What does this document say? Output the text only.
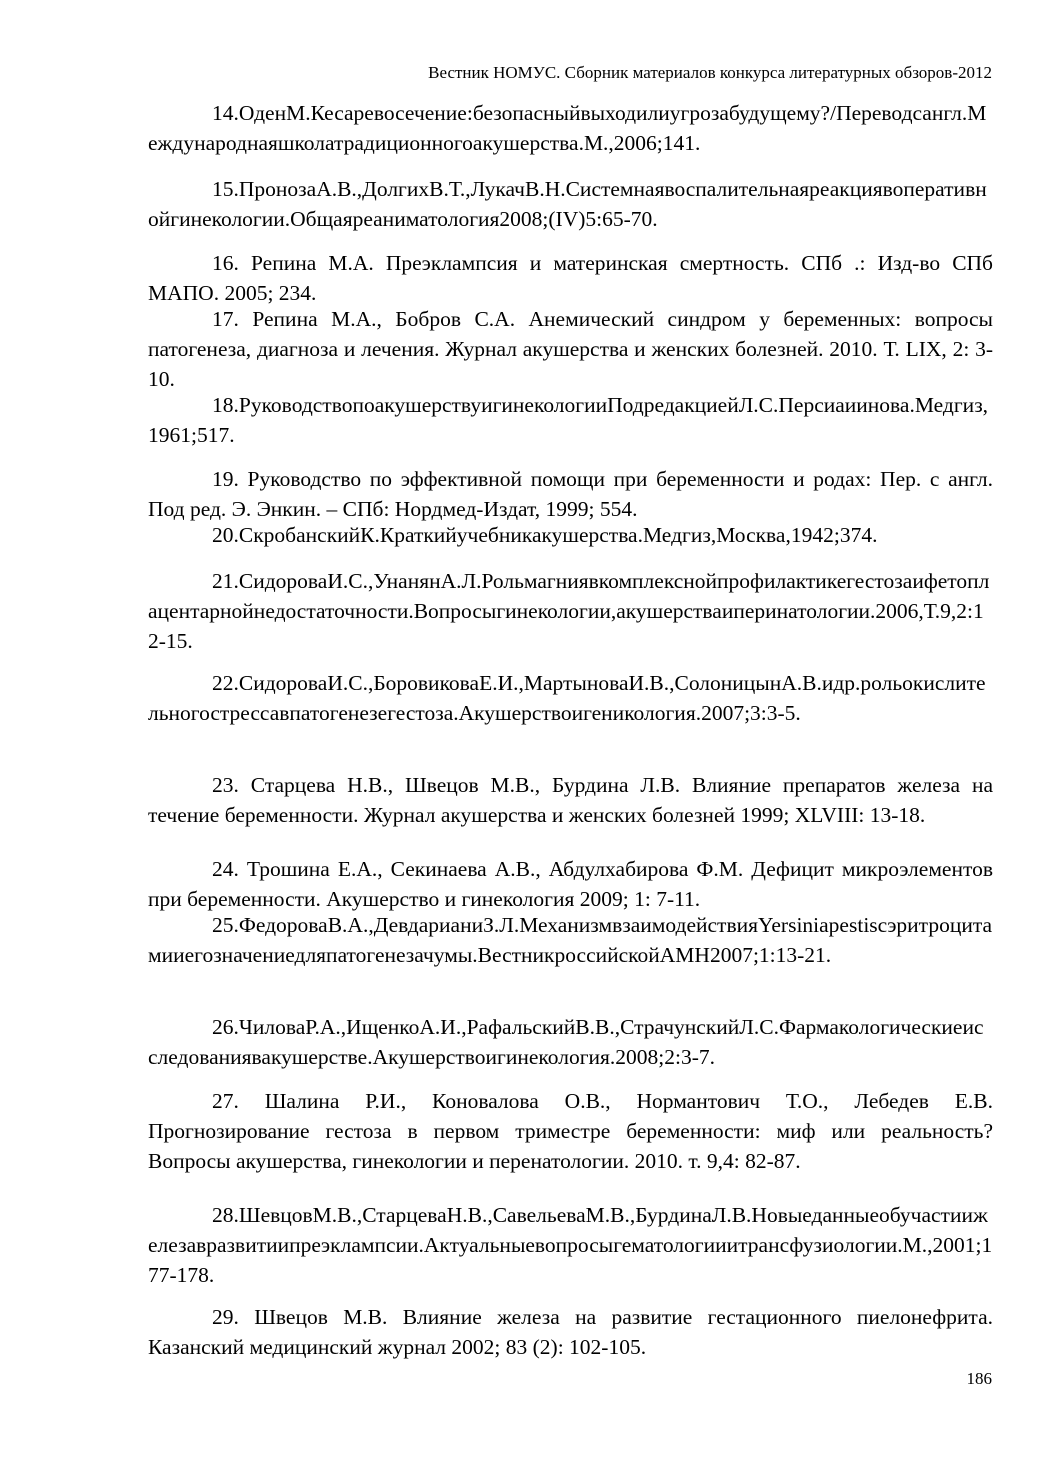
Вестник НОМУС. Сборник материалов конкурса литературных обзоров-2012

14.ОденМ.Кесаревосечение:безопасныйвыходилиугрозабудущему?/Переводсангл.Международнаяшколатрадиционногоакушерства.М.,2006;141.

15.ПронозаА.В.,ДолгихВ.Т.,ЛукачВ.Н.Системнаявоспалительнаяреакциявоперативнойгинекологии.Общаяреаниматология2008;(IV)5:65-70.

16. Репина М.А. Преэклампсия и материнская смертность. СПб .: Изд-во СПб МАПО. 2005; 234.

17. Репина М.А., Бобров С.А. Анемический синдром у беременных: вопросы патогенеза, диагноза и лечения. Журнал акушерства и женских болезней. 2010. Т. LIX, 2: 3-10.

18.РуководствопоакушерствуигинекологииПодредакциейЛ.С.Персиаиинова.Медгиз,1961;517.

19. Руководство по эффективной помощи при беременности и родах: Пер. с англ. Под ред. Э. Энкин. – СПб: Нордмед-Издат, 1999; 554.

20.СкробанскийК.Краткийучебникакушерства.Медгиз,Москва,1942;374.

21.СидороваИ.С.,УнанянА.Л.Рольмагниявкомплекснойпрофилактикегестозаифетоплацентарнойнедостаточности.Вопросыгинекологии,акушерстваиперинатологии.2006,Т.9,2:12-15.

22.СидороваИ.С.,БоровиковаЕ.И.,МартыноваИ.В.,СолоницынА.В.идр.рольокислительногострессавпатогенезегестоза.Акушерствоигеникология.2007;3:3-5.

23. Старцева Н.В., Швецов М.В., Бурдина Л.В. Влияние препаратов железа на течение беременности. Журнал акушерства и женских болезней 1999; XLVIII: 13-18.

24. Трошина Е.А., Секинаева А.В., Абдулхабирова Ф.М. Дефицит микроэлементов при беременности. Акушерство и гинекология 2009; 1: 7-11.

25.ФедороваВ.А.,ДевдарианиЗ.Л.МеханизмвзаимодействияYersiniapestiscэритроцитамииегозначениедляпатогенезачумы.ВестникроссийскойАМН2007;1:13-21.

26.ЧиловаР.А.,ИщенкоА.И.,РафальскийВ.В.,СтрачунскийЛ.С.Фармакологическиеисследованиявакушерстве.Акушерствоигинекология.2008;2:3-7.

27. Шалина Р.И., Коновалова О.В., Нормантович Т.О., Лебедев Е.В. Прогнозирование гестоза в первом триместре беременности: миф или реальность? Вопросы акушерства, гинекологии и перенатологии. 2010. т. 9,4: 82-87.

28.ШевцовМ.В.,СтарцеваН.В.,СавельеваМ.В.,БурдинаЛ.В.Новыеданныеобучастиижелезавразвитиипреэклампсии.Актуальныевопросыгематологииитрансфузиологии.М.,2001;177-178.

29. Швецов М.В. Влияние железа на развитие гестационного пиелонефрита. Казанский медицинский журнал 2002; 83 (2): 102-105.

186
